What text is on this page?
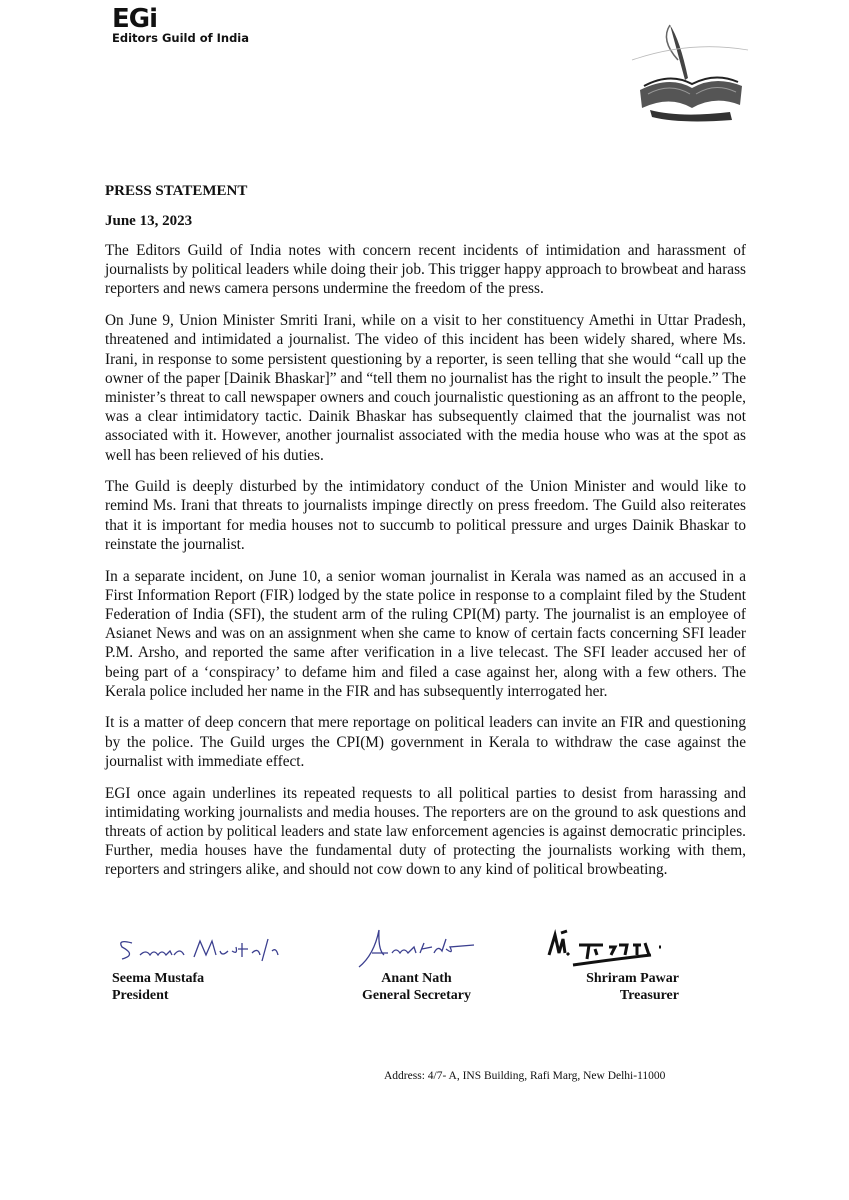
EGi
Editors Guild of India
PRESS STATEMENT
June 13, 2023

The Editors Guild of India notes with concern recent incidents of intimidation and harassment of journalists by political leaders while doing their job. This trigger happy approach to browbeat and harass reporters and news camera persons undermine the freedom of the press.

On June 9, Union Minister Smriti Irani, while on a visit to her constituency Amethi in Uttar Pradesh, threatened and intimidated a journalist. The video of this incident has been widely shared, where Ms. Irani, in response to some persistent questioning by a reporter, is seen telling that she would “call up the owner of the paper [Dainik Bhaskar]” and “tell them no journalist has the right to insult the people.” The minister’s threat to call newspaper owners and couch journalistic questioning as an affront to the people, was a clear intimidatory tactic. Dainik Bhaskar has subsequently claimed that the journalist was not associated with it. However, another journalist associated with the media house who was at the spot as well has been relieved of his duties.

The Guild is deeply disturbed by the intimidatory conduct of the Union Minister and would like to remind Ms. Irani that threats to journalists impinge directly on press freedom. The Guild also reiterates that it is important for media houses not to succumb to political pressure and urges Dainik Bhaskar to reinstate the journalist.

In a separate incident, on June 10, a senior woman journalist in Kerala was named as an accused in a First Information Report (FIR) lodged by the state police in response to a complaint filed by the Student Federation of India (SFI), the student arm of the ruling CPI(M) party. The journalist is an employee of Asianet News and was on an assignment when she came to know of certain facts concerning SFI leader P.M. Arsho, and reported the same after verification in a live telecast. The SFI leader accused her of being part of a ‘conspiracy’ to defame him and filed a case against her, along with a few others. The Kerala police included her name in the FIR and has subsequently interrogated her.

It is a matter of deep concern that mere reportage on political leaders can invite an FIR and questioning by the police. The Guild urges the CPI(M) government in Kerala to withdraw the case against the journalist with immediate effect.

EGI once again underlines its repeated requests to all political parties to desist from harassing and intimidating working journalists and media houses. The reporters are on the ground to ask questions and threats of action by political leaders and state law enforcement agencies is against democratic principles. Further, media houses have the fundamental duty of protecting the journalists working with them, reporters and stringers alike, and should not cow down to any kind of political browbeating.

Seema Mustafa
President
Anant Nath
General Secretary
Shriram Pawar
Treasurer
Address: 4/7- A, INS Building, Rafi Marg, New Delhi-11000
